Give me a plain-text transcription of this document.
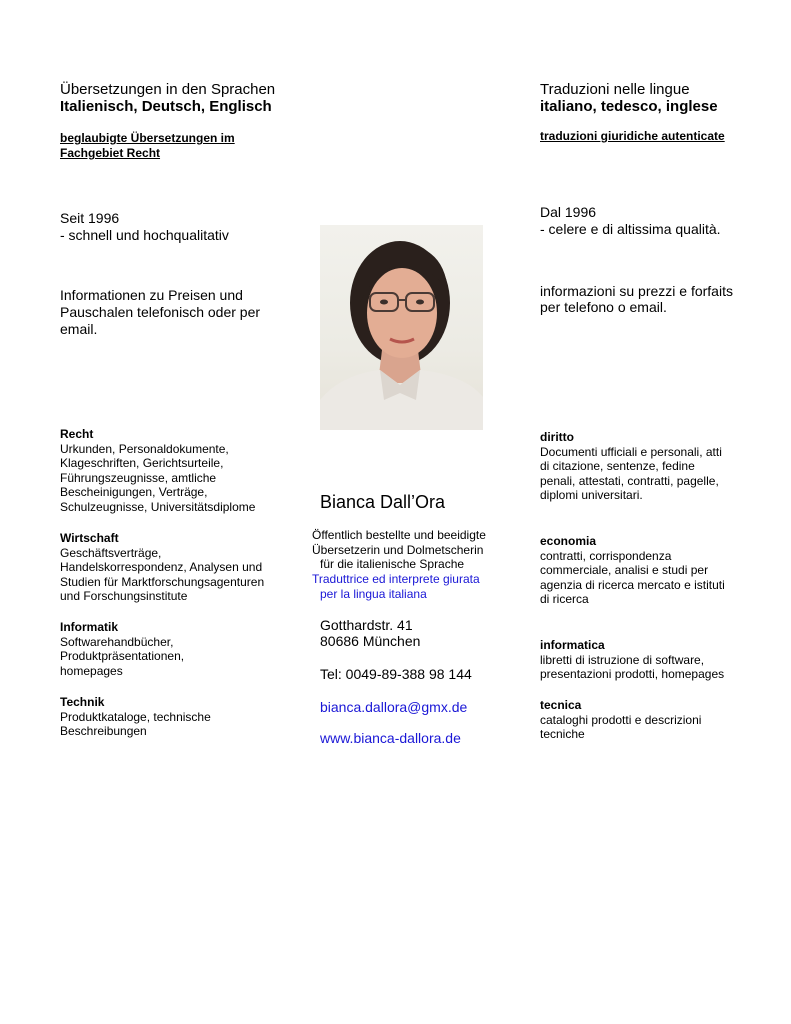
Übersetzungen in den Sprachen
Italienisch, Deutsch, Englisch
beglaubigte Übersetzungen im
Fachgebiet Recht
Seit 1996
- schnell und hochqualitativ
Informationen zu Preisen und
Pauschalen telefonisch oder per
email.
Recht
Urkunden, Personaldokumente,
Klageschriften, Gerichtsurteile,
Führungszeugnisse, amtliche
Bescheinigungen, Verträge,
Schulzeugnisse, Universitätsdiplome
Wirtschaft
Geschäftsverträge,
Handelskorrespondenz, Analysen und
Studien für Marktforschungsagenturen
und Forschungsinstitute
Informatik
Softwarehandbücher,
Produktpräsentationen,
homepages
Technik
Produktkataloge, technische
Beschreibungen
Traduzioni nelle lingue
italiano, tedesco, inglese
traduzioni giuridiche autenticate
Dal 1996
- celere e di altissima qualità.
informazioni su prezzi e forfaits
per telefono o email.
diritto
Documenti ufficiali e personali, atti
di citazione, sentenze, fedine
penali, attestati, contratti, pagelle,
diplomi universitari.
economia
contratti, corrispondenza
commerciale, analisi e studi per
agenzia di ricerca mercato e istituti
di ricerca
informatica
libretti di istruzione di software,
presentazioni prodotti, homepages
tecnica
cataloghi prodotti e descrizioni
tecniche
Bianca Dall’Ora
Öffentlich bestellte und beeidigte
Übersetzerin und Dolmetscherin
für die italienische Sprache
Traduttrice ed interprete giurata
per la lingua italiana
Gotthardstr. 41
80686 München
Tel: 0049-89-388 98 144
bianca.dallora@gmx.de
www.bianca-dallora.de
